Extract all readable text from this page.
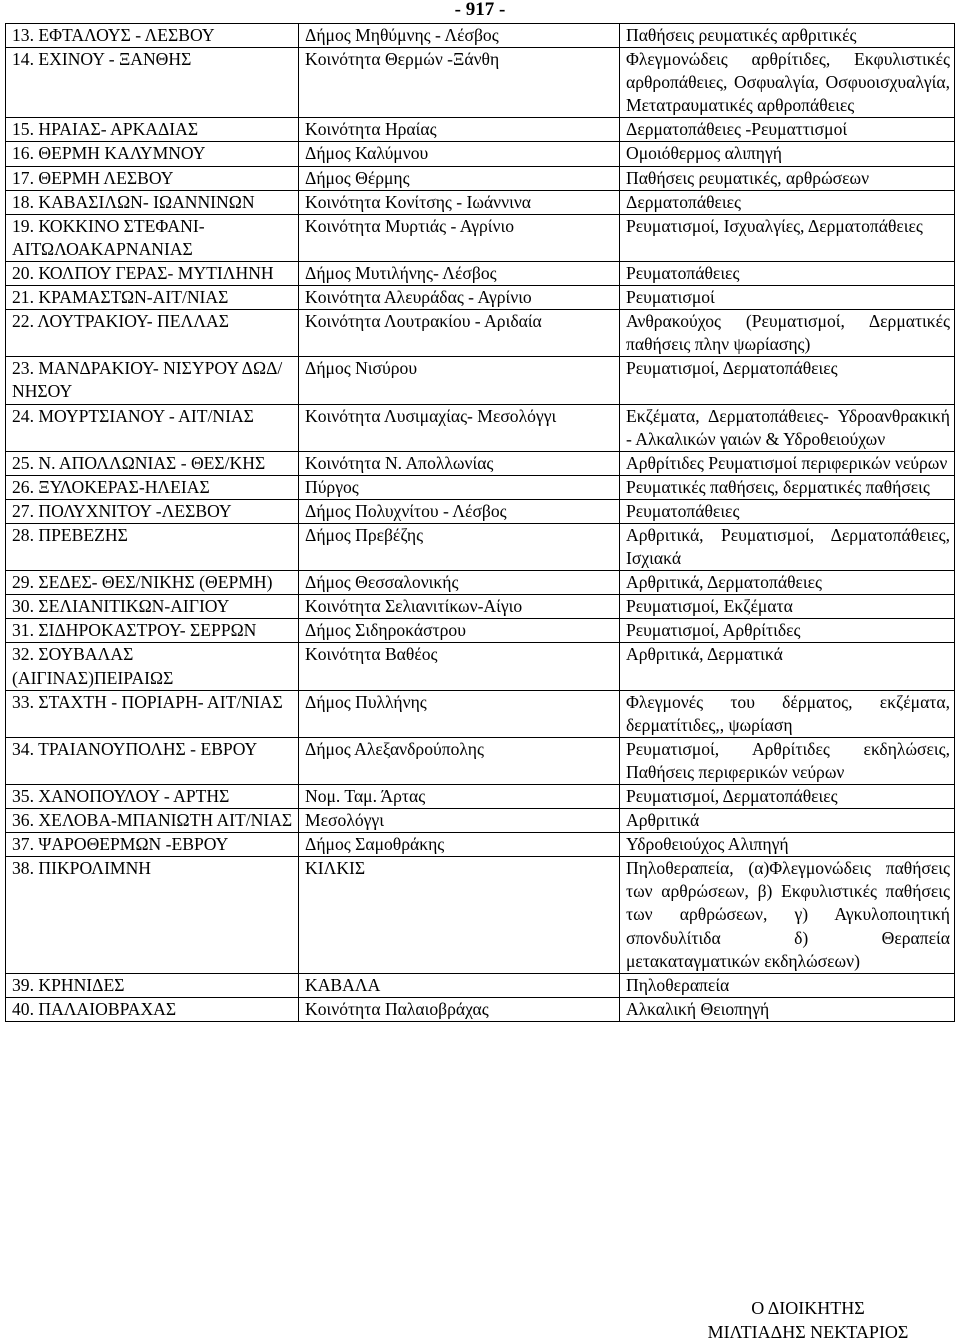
- 917 -
13. ΕΦΤΑΛΟΥΣ - ΛΕΣΒΟΥ	Δήμος Μηθύμνης - Λέσβος	Παθήσεις ρευματικές αρθριτικές
14. ΕΧΙΝΟΥ - ΞΑΝΘΗΣ	Κοινότητα Θερμών -Ξάνθη	Φλεγμονώδεις αρθρίτιδες, Εκφυλιστικές αρθροπάθειες, Οσφυαλγία, Οσφυοισχυαλγία, Μετατραυματικές αρθροπάθειες
15. ΗΡΑΙΑΣ- ΑΡΚΑΔΙΑΣ	Κοινότητα Ηραίας	Δερματοπάθειες -Ρευματτισμοί
16. ΘΕΡΜΗ ΚΑΛΥΜΝΟΥ	Δήμος Καλύμνου	Ομοιόθερμος αλιπηγή
17. ΘΕΡΜΗ ΛΕΣΒΟΥ	Δήμος Θέρμης	Παθήσεις ρευματικές, αρθρώσεων
18. ΚΑΒΑΣΙΛΩΝ- ΙΩΑΝΝΙΝΩΝ	Κοινότητα Κονίτσης - Ιωάννινα	Δερματοπάθειες
19. ΚΟΚΚΙΝΟ ΣΤΕΦΑΝΙ- ΑΙΤΩΛΟΑΚΑΡΝΑΝΙΑΣ	Κοινότητα Μυρτιάς - Αγρίνιο	Ρευματισμοί, Ισχυαλγίες, Δερματοπάθειες
20. ΚΟΛΠΟΥ ΓΕΡΑΣ- ΜΥΤΙΛΗΝΗ	Δήμος Μυτιλήνης- Λέσβος	Ρευματοπάθειες
21. ΚΡΑΜΑΣΤΩΝ-ΑΙΤ/ΝΙΑΣ	Κοινότητα Αλευράδας - Αγρίνιο	Ρευματισμοί
22. ΛΟΥΤΡΑΚΙΟΥ- ΠΕΛΛΑΣ	Κοινότητα Λουτρακίου - Αριδαία	Ανθρακούχος (Ρευματισμοί, Δερματικές παθήσεις πλην ψωρίασης)
23. ΜΑΝΔΡΑΚΙΟΥ- ΝΙΣΥΡΟΥ ΔΩΔ/ΝΗΣΟΥ	Δήμος Νισύρου	Ρευματισμοί, Δερματοπάθειες
24. ΜΟΥΡΤΣΙΑΝΟΥ - ΑΙΤ/ΝΙΑΣ	Κοινότητα Λυσιμαχίας- Μεσολόγγι	Εκζέματα, Δερματοπάθειες- Υδροανθρακική - Αλκαλικών γαιών & Υδροθειούχων
25. Ν. ΑΠΟΛΛΩΝΙΑΣ - ΘΕΣ/ΚΗΣ	Κοινότητα Ν. Απολλωνίας	Αρθρίτιδες Ρευματισμοί περιφερικών νεύρων
26. ΞΥΛΟΚΕΡΑΣ-ΗΛΕΙΑΣ	Πύργος	Ρευματικές παθήσεις, δερματικές παθήσεις
27. ΠΟΛΥΧΝΙΤΟΥ -ΛΕΣΒΟΥ	Δήμος Πολυχνίτου - Λέσβος	Ρευματοπάθειες
28. ΠΡΕΒΕΖΗΣ	Δήμος Πρεβέζης	Αρθριτικά, Ρευματισμοί, Δερματοπάθειες, Ισχιακά
29. ΣΕΔΕΣ- ΘΕΣ/ΝΙΚΗΣ (ΘΕΡΜΗ)	Δήμος Θεσσαλονικής	Αρθριτικά, Δερματοπάθειες
30. ΣΕΛΙΑΝΙΤΙΚΩΝ-ΑΙΓΙΟΥ	Κοινότητα Σελιανιτίκων-Αίγιο	Ρευματισμοί, Εκζέματα
31. ΣΙΔΗΡΟΚΑΣΤΡΟΥ- ΣΕΡΡΩΝ	Δήμος Σιδηροκάστρου	Ρευματισμοί, Αρθρίτιδες
32. ΣΟΥΒΑΛΑΣ (ΑΙΓΙΝΑΣ)ΠΕΙΡΑΙΩΣ	Κοινότητα Βαθέος	Αρθριτικά, Δερματικά
33. ΣΤΑΧΤΗ - ΠΟΡΙΑΡΗ- ΑΙΤ/ΝΙΑΣ	Δήμος Πυλλήνης	Φλεγμονές του δέρματος, εκζέματα, δερματίτιδες,, ψωρίαση
34. ΤΡΑΙΑΝΟΥΠΟΛΗΣ - ΕΒΡΟΥ	Δήμος Αλεξανδρούπολης	Ρευματισμοί, Αρθρίτιδες εκδηλώσεις, Παθήσεις περιφερικών νεύρων
35. ΧΑΝΟΠΟΥΛΟΥ - ΑΡΤΗΣ	Νομ. Ταμ. Άρτας	Ρευματισμοί, Δερματοπάθειες
36. ΧΕΛΟΒΑ-ΜΠΑΝΙΩΤΗ ΑΙΤ/ΝΙΑΣ	Μεσολόγγι	Αρθριτικά
37. ΨΑΡΟΘΕΡΜΩΝ -ΕΒΡΟΥ	Δήμος Σαμοθράκης	Υδροθειούχος Αλιπηγή
38. ΠΙΚΡΟΛΙΜΝΗ	ΚΙΛΚΙΣ	Πηλοθεραπεία, (α)Φλεγμονώδεις παθήσεις των αρθρώσεων, β) Εκφυλιστικές παθήσεις των αρθρώσεων, γ) Αγκυλοποιητική σπονδυλίτιδα δ) Θεραπεία μετακαταγματικών εκδηλώσεων)
39. ΚΡΗΝΙΔΕΣ	ΚΑΒΑΛΑ	Πηλοθεραπεία
40. ΠΑΛΑΙΟΒΡΑΧΑΣ	Κοινότητα Παλαιοβράχας	Αλκαλική Θειοπηγή
Ο ΔΙΟΙΚΗΤΗΣ
ΜΙΛΤΙΑΔΗΣ ΝΕΚΤΑΡΙΟΣ
